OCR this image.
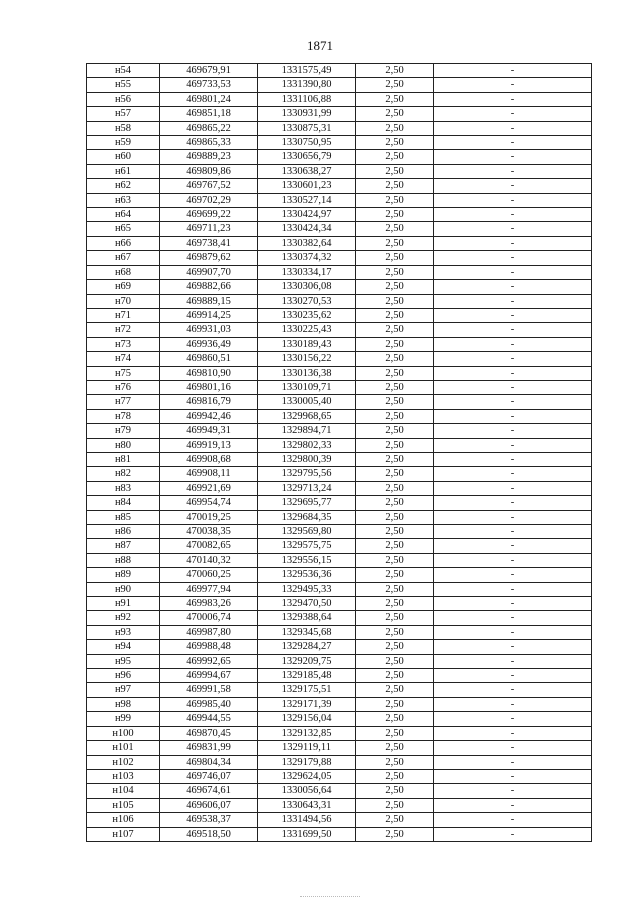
1871
н54	469679,91	1331575,49	2,50	-
н55	469733,53	1331390,80	2,50	-
н56	469801,24	1331106,88	2,50	-
н57	469851,18	1330931,99	2,50	-
н58	469865,22	1330875,31	2,50	-
н59	469865,33	1330750,95	2,50	-
н60	469889,23	1330656,79	2,50	-
н61	469809,86	1330638,27	2,50	-
н62	469767,52	1330601,23	2,50	-
н63	469702,29	1330527,14	2,50	-
н64	469699,22	1330424,97	2,50	-
н65	469711,23	1330424,34	2,50	-
н66	469738,41	1330382,64	2,50	-
н67	469879,62	1330374,32	2,50	-
н68	469907,70	1330334,17	2,50	-
н69	469882,66	1330306,08	2,50	-
н70	469889,15	1330270,53	2,50	-
н71	469914,25	1330235,62	2,50	-
н72	469931,03	1330225,43	2,50	-
н73	469936,49	1330189,43	2,50	-
н74	469860,51	1330156,22	2,50	-
н75	469810,90	1330136,38	2,50	-
н76	469801,16	1330109,71	2,50	-
н77	469816,79	1330005,40	2,50	-
н78	469942,46	1329968,65	2,50	-
н79	469949,31	1329894,71	2,50	-
н80	469919,13	1329802,33	2,50	-
н81	469908,68	1329800,39	2,50	-
н82	469908,11	1329795,56	2,50	-
н83	469921,69	1329713,24	2,50	-
н84	469954,74	1329695,77	2,50	-
н85	470019,25	1329684,35	2,50	-
н86	470038,35	1329569,80	2,50	-
н87	470082,65	1329575,75	2,50	-
н88	470140,32	1329556,15	2,50	-
н89	470060,25	1329536,36	2,50	-
н90	469977,94	1329495,33	2,50	-
н91	469983,26	1329470,50	2,50	-
н92	470006,74	1329388,64	2,50	-
н93	469987,80	1329345,68	2,50	-
н94	469988,48	1329284,27	2,50	-
н95	469992,65	1329209,75	2,50	-
н96	469994,67	1329185,48	2,50	-
н97	469991,58	1329175,51	2,50	-
н98	469985,40	1329171,39	2,50	-
н99	469944,55	1329156,04	2,50	-
н100	469870,45	1329132,85	2,50	-
н101	469831,99	1329119,11	2,50	-
н102	469804,34	1329179,88	2,50	-
н103	469746,07	1329624,05	2,50	-
н104	469674,61	1330056,64	2,50	-
н105	469606,07	1330643,31	2,50	-
н106	469538,37	1331494,56	2,50	-
н107	469518,50	1331699,50	2,50	-
